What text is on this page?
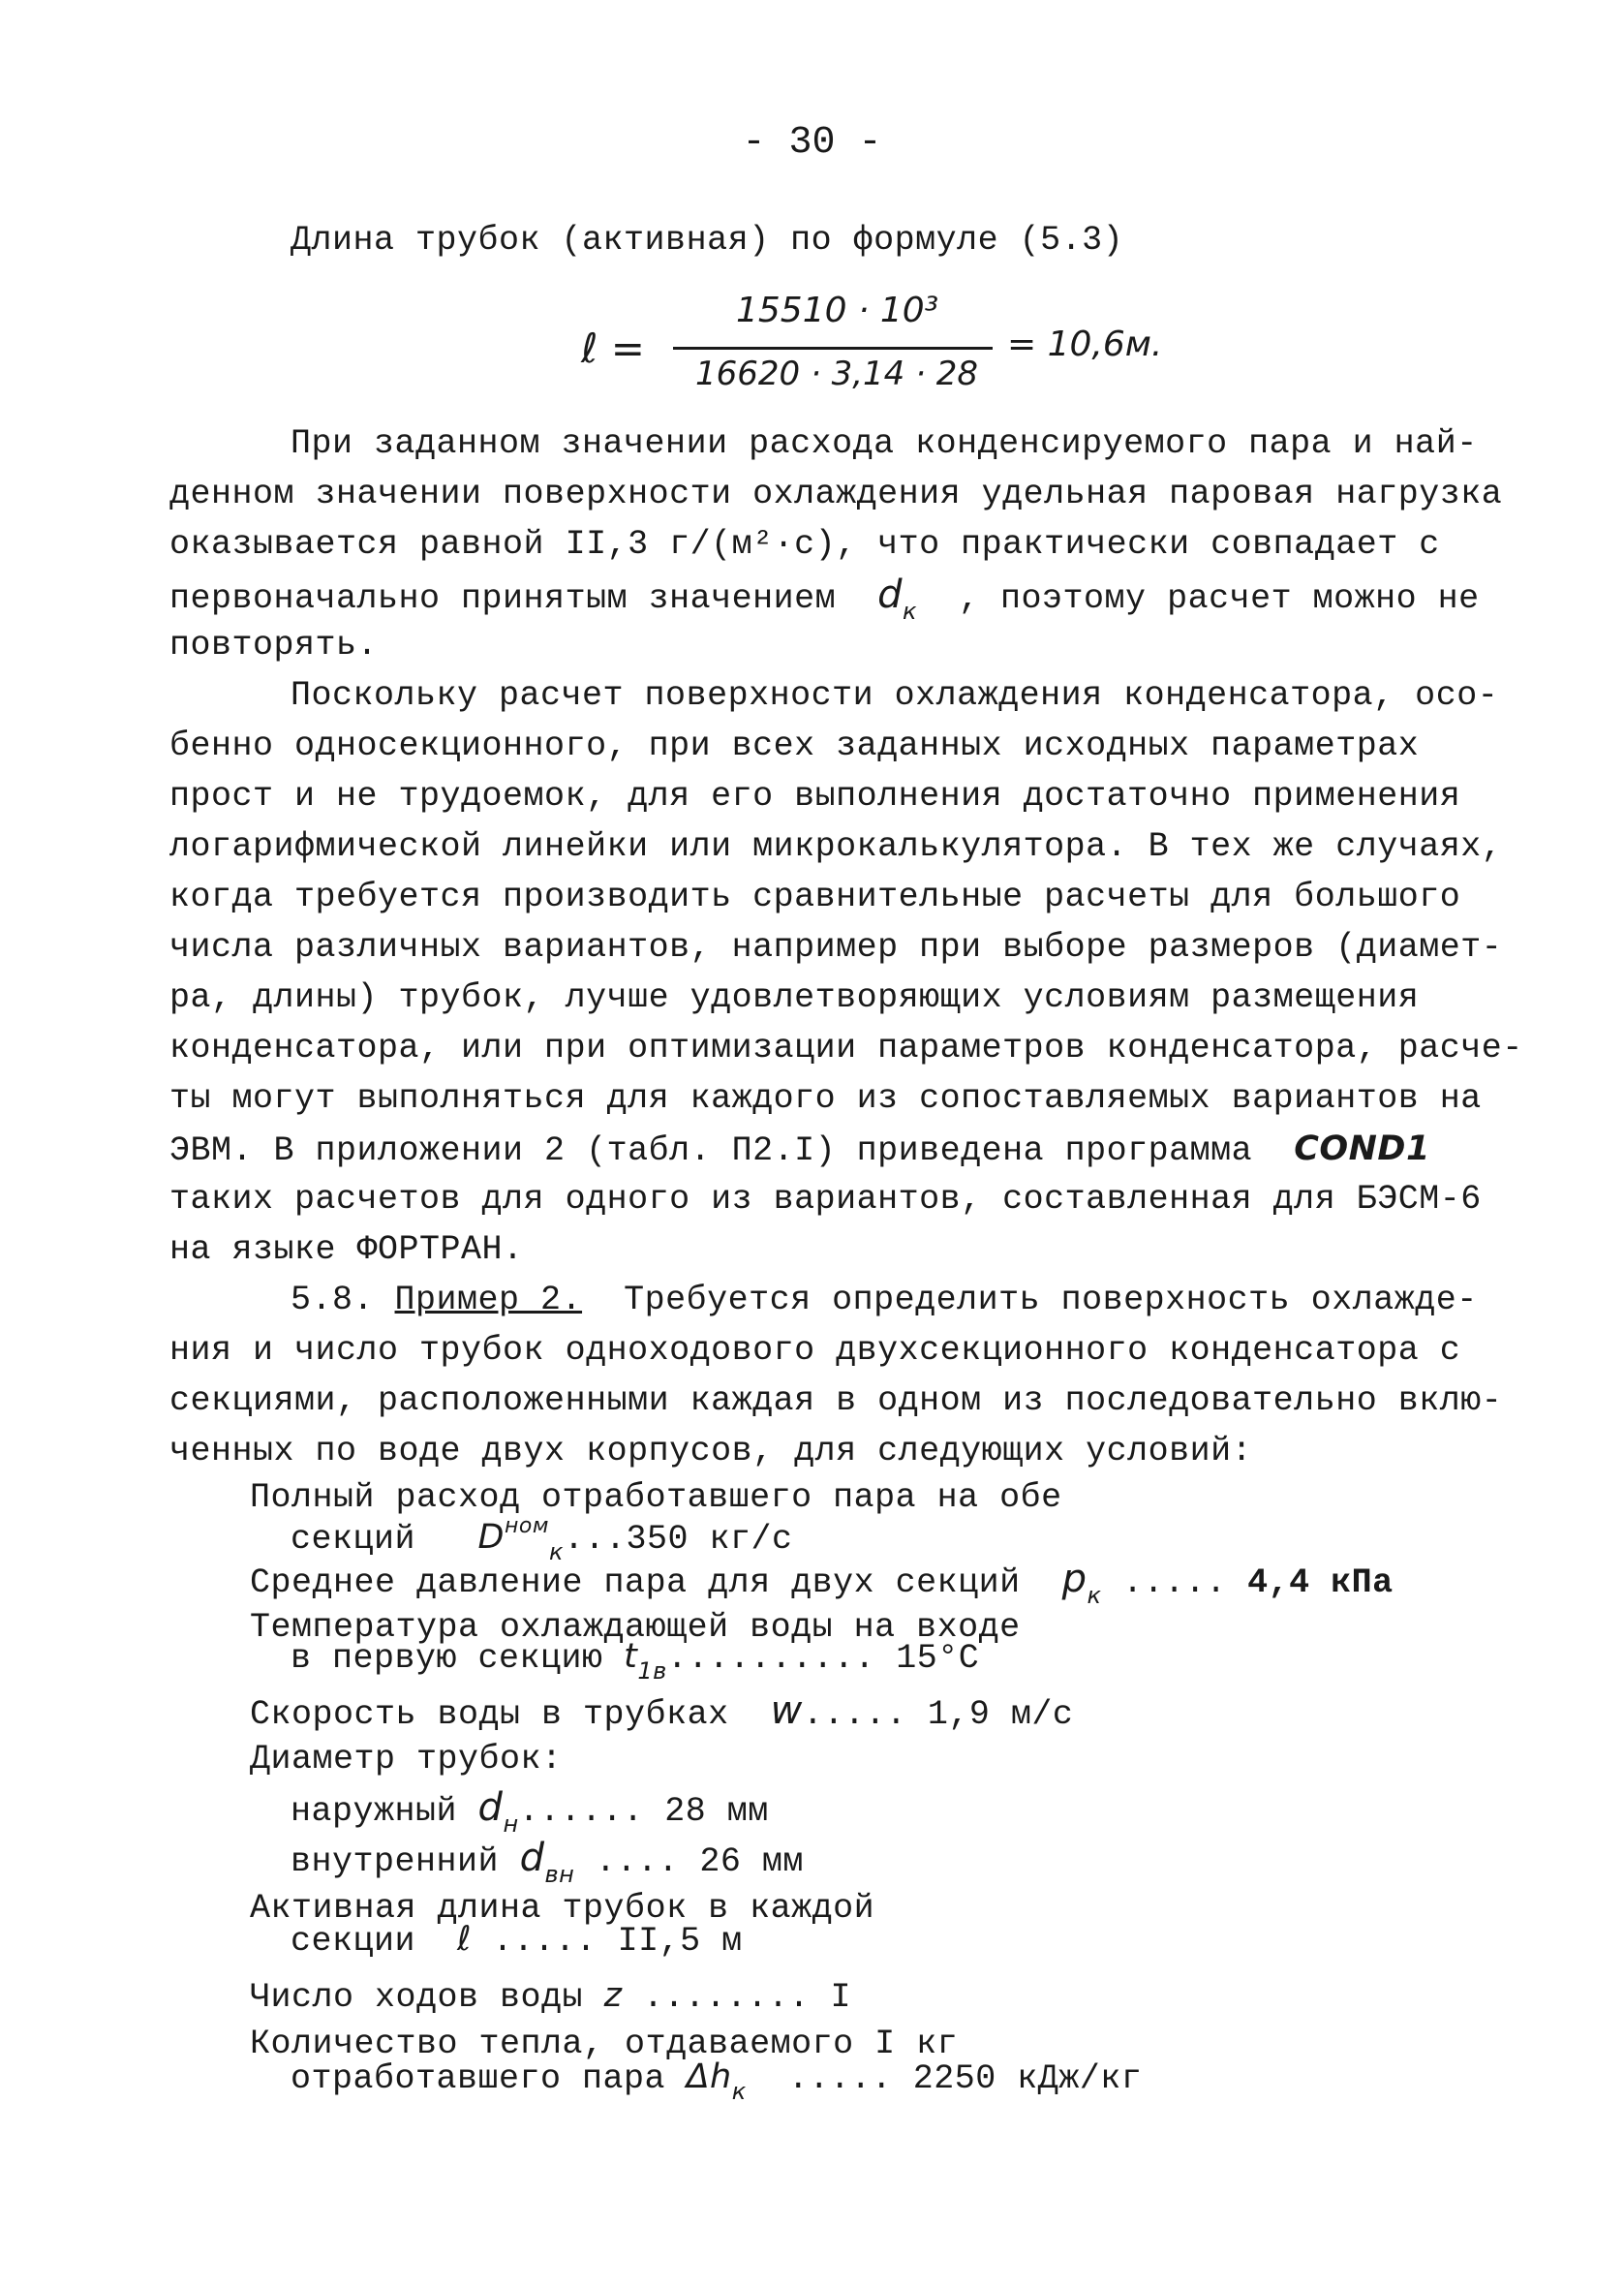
- 30 -
Длина трубок (активная) по формуле (5.3)
ℓ =
15510 · 10³
16620 · 3,14 · 28
= 10,6м.
При заданном значении расхода конденсируемого пара и най-
денном значении поверхности охлаждения удельная паровая нагрузка
оказывается равной II,3 г/(м²·с), что практически совпадает с
первоначально принятым значением $d_к$ , поэтому расчет можно не
повторять.
Поскольку расчет поверхности охлаждения конденсатора, осо-
бенно односекционного, при всех заданных исходных параметрах
прост и не трудоемок, для его выполнения достаточно применения
логарифмической линейки или микрокалькулятора. В тех же случаях,
когда требуется производить сравнительные расчеты для большого
числа различных вариантов, например при выборе размеров (диамет-
ра, длины) трубок, лучше удовлетворяющих условиям размещения
конденсатора, или при оптимизации параметров конденсатора, расче-
ты могут выполняться для каждого из сопоставляемых вариантов на
ЭВМ. В приложении 2 (табл. П2.I) приведена программа COND1
таких расчетов для одного из вариантов, составленная для БЭСМ-6
на языке ФОРТРАН.
5.8. Пример 2. Требуется определить поверхность охлажде-
ния и число трубок одноходового двухсекционного конденсатора с
секциями, расположенными каждая в одном из последовательно вклю-
ченных по воде двух корпусов, для следующих условий:
Полный расход отработавшего пара на обе
секций $D^{ном}_к...350$ кг/с
Среднее давление пара для двух секций $p_к$ ..... 4,4 кПа
Температура охлаждающей воды на входе
в первую секцию $t_{1в}$.......... 15°С
Скорость воды в трубках w..... 1,9 м/с
Диаметр трубок:
наружный $d_н$...... 28 мм
внутренний $d_{вн}$ .... 26 мм
Активная длина трубок в каждой
секции ℓ ..... II,5 м
Число ходов воды z ........ I
Количество тепла, отдаваемого I кг
отработавшего пара $\Delta h_к$ ..... 2250 кДж/кг
